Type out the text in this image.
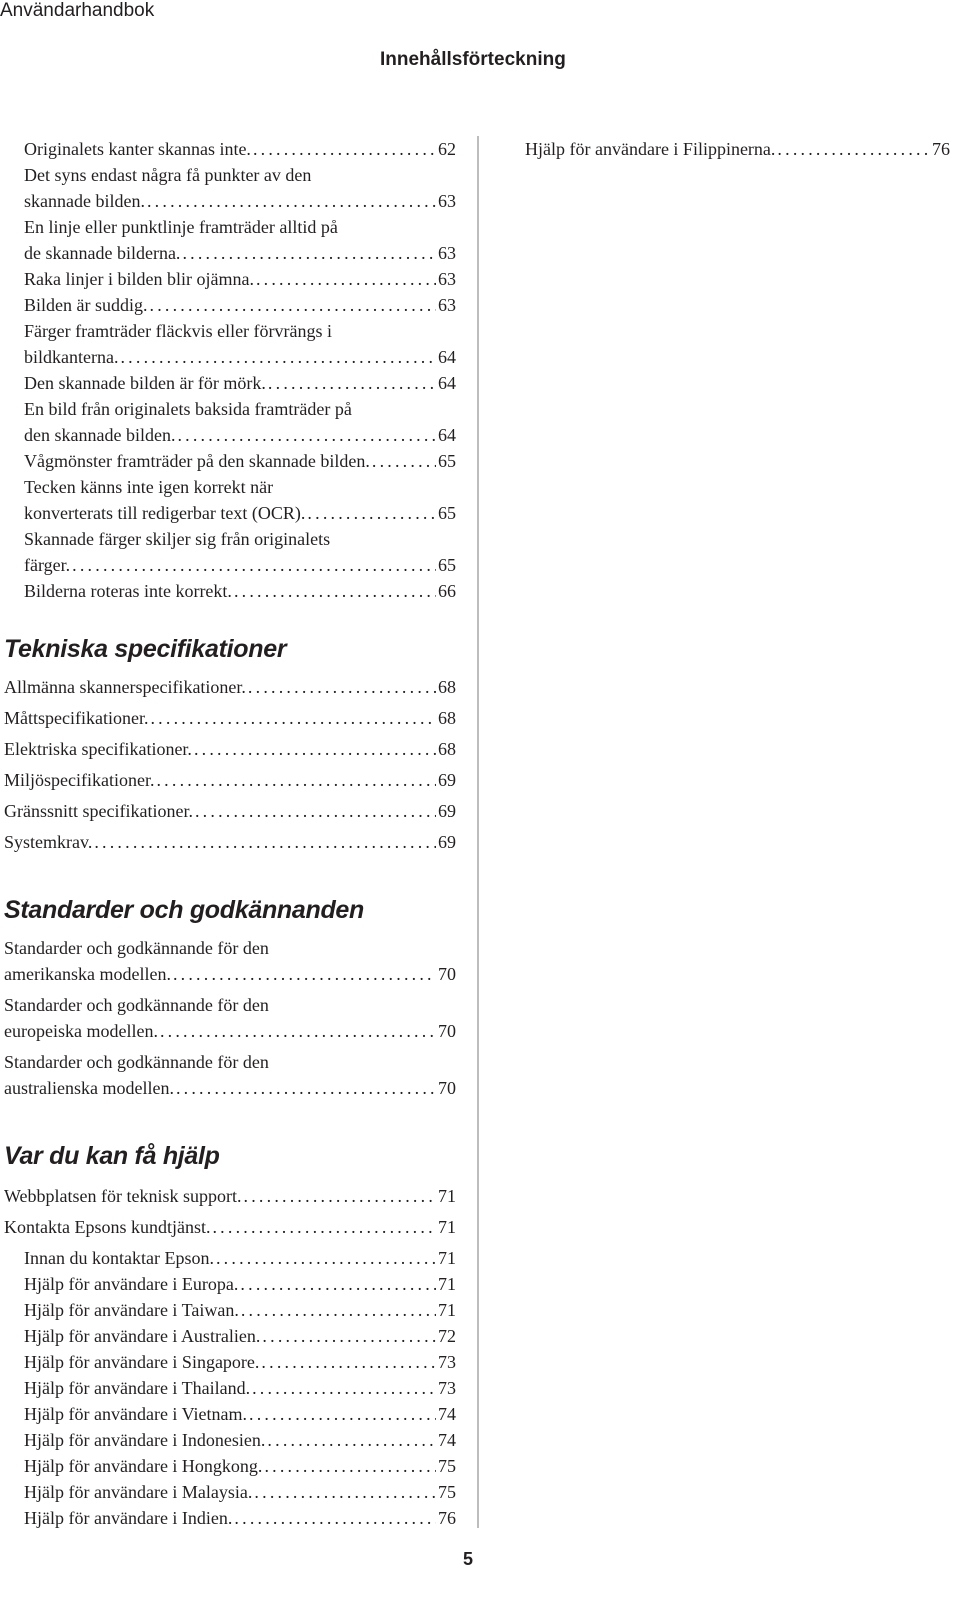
Användarhandbok
Innehållsförteckning
Originalets kanter skannas inte. .....	62
Det syns endast några få punkter av den
skannade bilden. .....	63
En linje eller punktlinje framträder alltid på
de skannade bilderna. .....	63
Raka linjer i bilden blir ojämna. .....	63
Bilden är suddig. .....	63
Färger framträder fläckvis eller förvrängs i
bildkanterna. .....	64
Den skannade bilden är för mörk. .....	64
En bild från originalets baksida framträder på
den skannade bilden. .....	64
Vågmönster framträder på den skannade bilden. .....	65
Tecken känns inte igen korrekt när
konverterats till redigerbar text (OCR). .....	65
Skannade färger skiljer sig från originalets
färger. .....	65
Bilderna roteras inte korrekt. .....	66
Tekniska specifikationer
Allmänna skannerspecifikationer. .....	68
Måttspecifikationer. .....	68
Elektriska specifikationer. .....	68
Miljöspecifikationer. .....	69
Gränssnitt specifikationer. .....	69
Systemkrav. .....	69
Standarder och godkännanden
Standarder och godkännande för den
amerikanska modellen. .....	70
Standarder och godkännande för den
europeiska modellen. .....	70
Standarder och godkännande för den
australienska modellen. .....	70
Var du kan få hjälp
Webbplatsen för teknisk support. .....	71
Kontakta Epsons kundtjänst. .....	71
Innan du kontaktar Epson. .....	71
Hjälp för användare i Europa. .....	71
Hjälp för användare i Taiwan. .....	71
Hjälp för användare i Australien. .....	72
Hjälp för användare i Singapore. .....	73
Hjälp för användare i Thailand. .....	73
Hjälp för användare i Vietnam. .....	74
Hjälp för användare i Indonesien. .....	74
Hjälp för användare i Hongkong. .....	75
Hjälp för användare i Malaysia. .....	75
Hjälp för användare i Indien. .....	76
Hjälp för användare i Filippinerna. .....	76
5
